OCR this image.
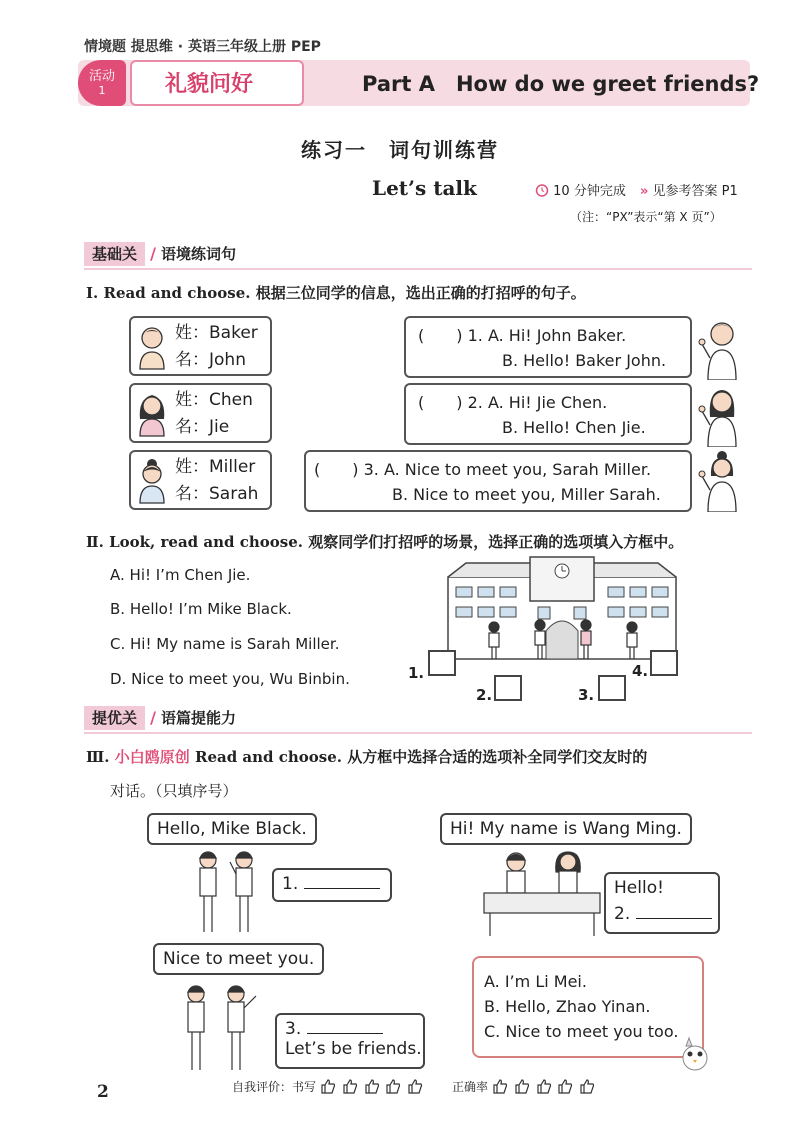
情境题 提思维 · 英语三年级上册 PEP
活动
1	礼貌问好	Part A　How do we greet friends?
练习一　词句训练营
Let’s talk	10 分钟完成 » 见参考答案 P1
（注：“PX”表示“第 X 页”）
基础关 / 语境练词句
Ⅰ. Read and choose. 根据三位同学的信息，选出正确的打招呼的句子。
姓：Baker
名：John
姓：Chen
名：Jie
姓：Miller
名：Sarah
(　　) 1. A. Hi! John Baker.
B. Hello! Baker John.
(　　) 2. A. Hi! Jie Chen.
B. Hello! Chen Jie.
(　　) 3. A. Nice to meet you, Sarah Miller.
B. Nice to meet you, Miller Sarah.
Ⅱ. Look, read and choose. 观察同学们打招呼的场景，选择正确的选项填入方框中。
A. Hi! I’m Chen Jie.
B. Hello! I’m Mike Black.
C. Hi! My name is Sarah Miller.
D. Nice to meet you, Wu Binbin.	1.
2.	3.
4.
提优关 / 语篇提能力
Ⅲ. 小白鸥原创 Read and choose. 从方框中选择合适的选项补全同学们交友时的
对话。（只填序号）
Hello, Mike Black.
1.
Hi! My name is Wang Ming.
Hello!
2.
Nice to meet you.
3.
Let’s be friends.
A. I’m Li Mei.
B. Hello, Zhao Yinan.
C. Nice to meet you too.
2	自我评价：书写	正确率
